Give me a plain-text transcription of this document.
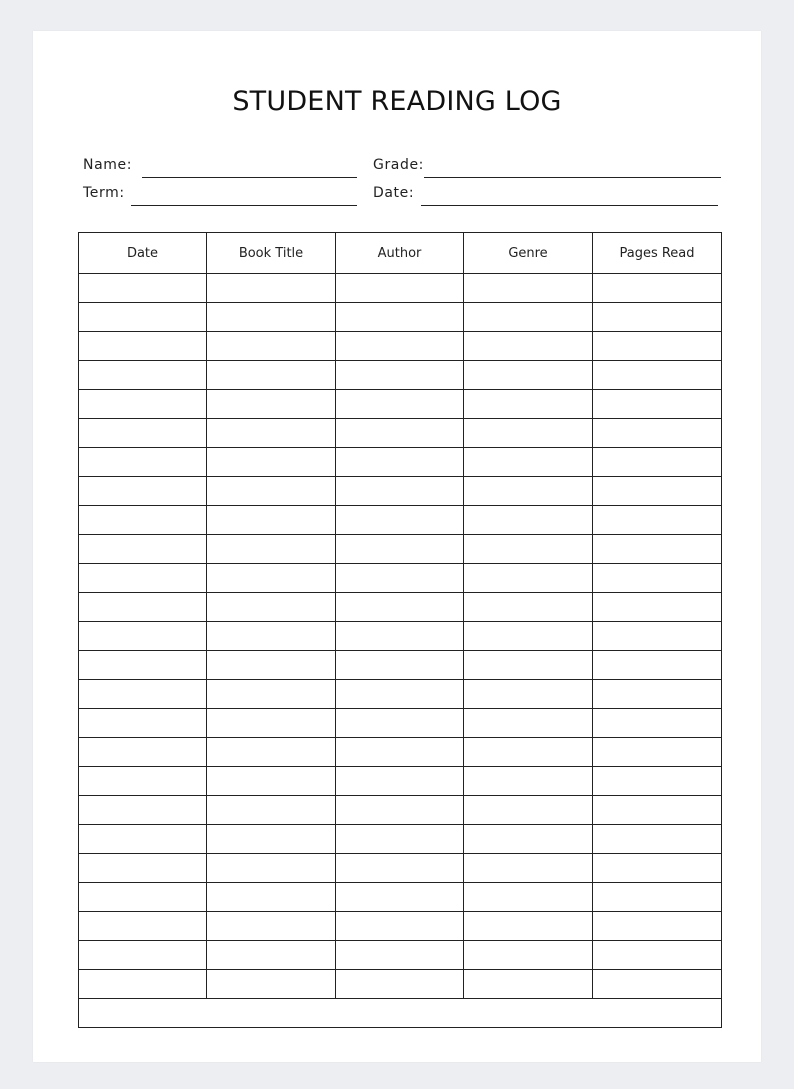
STUDENT READING LOG
Name:
Term:
Grade:
Date:
Date	Book Title	Author	Genre	Pages Read
